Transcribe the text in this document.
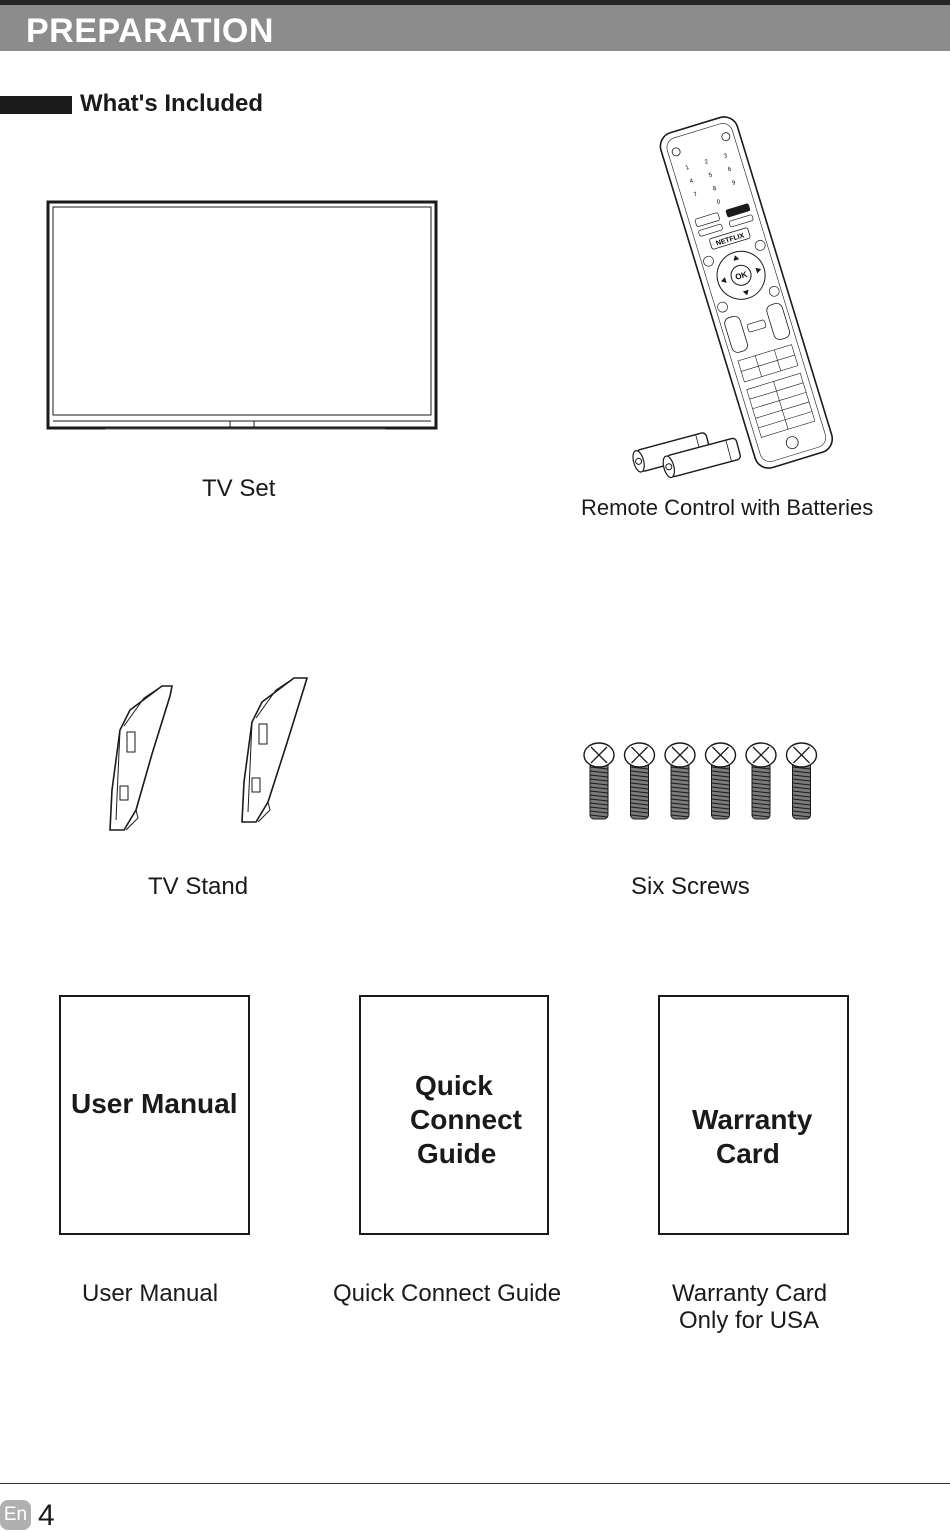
PREPARATION
What's Included
TV Set
1
2
3
4
5
6
7
8
9
0
NETFLIX
OK
Remote Control with Batteries
TV Stand	Six Screws
User Manual
Quick
Connect
Guide
Warranty
Card
User Manual	Quick Connect Guide	Warranty Card
Only for USA
En 4
